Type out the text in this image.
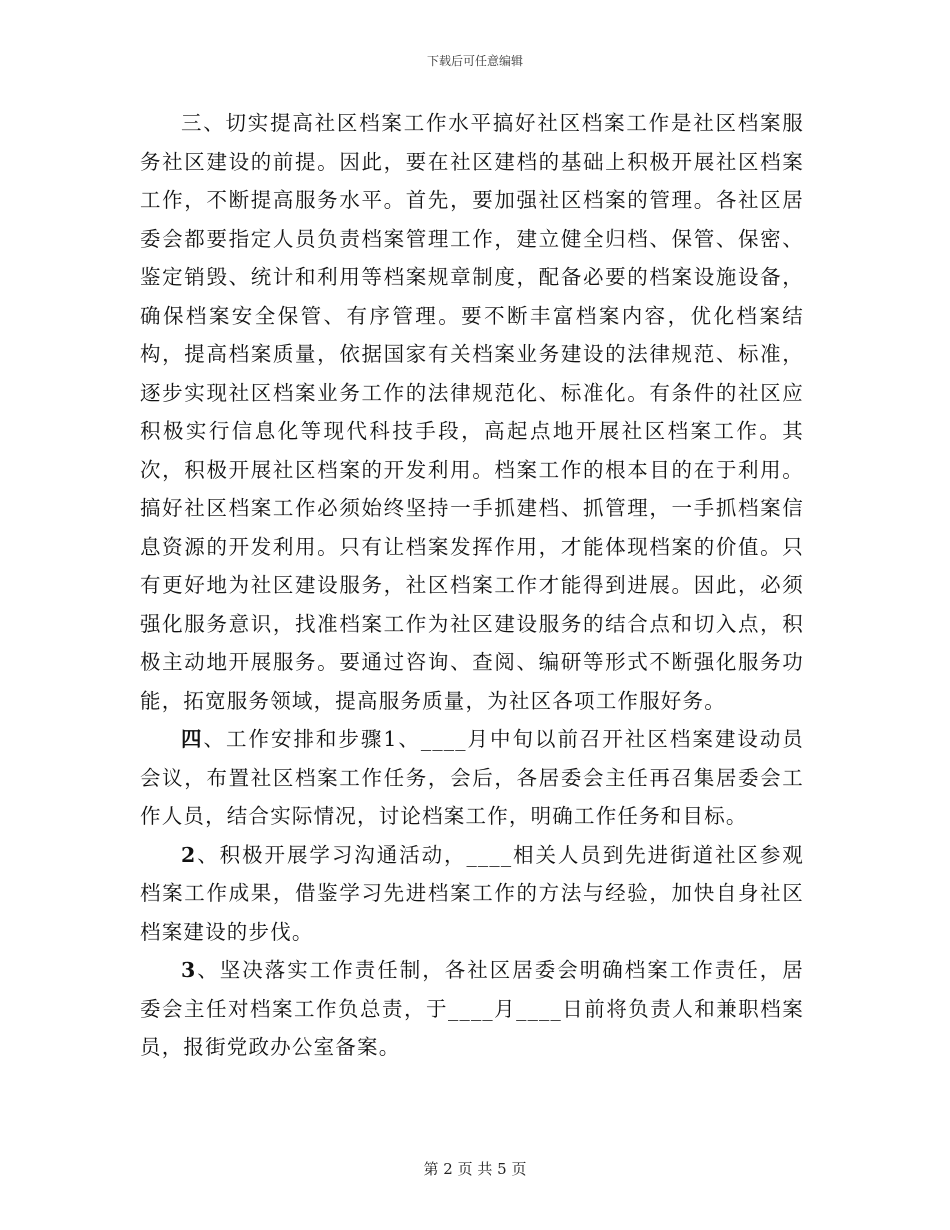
下载后可任意编辑

三、切实提高社区档案工作水平搞好社区档案工作是社区档案服务社区建设的前提。因此，要在社区建档的基础上积极开展社区档案工作，不断提高服务水平。首先，要加强社区档案的管理。各社区居委会都要指定人员负责档案管理工作，建立健全归档、保管、保密、鉴定销毁、统计和利用等档案规章制度，配备必要的档案设施设备，确保档案安全保管、有序管理。要不断丰富档案内容，优化档案结构，提高档案质量，依据国家有关档案业务建设的法律规范、标准，逐步实现社区档案业务工作的法律规范化、标准化。有条件的社区应积极实行信息化等现代科技手段，高起点地开展社区档案工作。其次，积极开展社区档案的开发利用。档案工作的根本目的在于利用。搞好社区档案工作必须始终坚持一手抓建档、抓管理，一手抓档案信息资源的开发利用。只有让档案发挥作用，才能体现档案的价值。只有更好地为社区建设服务，社区档案工作才能得到进展。因此，必须强化服务意识，找准档案工作为社区建设服务的结合点和切入点，积极主动地开展服务。要通过咨询、查阅、编研等形式不断强化服务功能，拓宽服务领域，提高服务质量，为社区各项工作服好务。

四、工作安排和步骤1、____月中旬以前召开社区档案建设动员会议，布置社区档案工作任务，会后，各居委会主任再召集居委会工作人员，结合实际情况，讨论档案工作，明确工作任务和目标。

2、积极开展学习沟通活动，____相关人员到先进街道社区参观档案工作成果，借鉴学习先进档案工作的方法与经验，加快自身社区档案建设的步伐。

3、坚决落实工作责任制，各社区居委会明确档案工作责任，居委会主任对档案工作负总责，于____月____日前将负责人和兼职档案员，报街党政办公室备案。

第 2 页 共 5 页
